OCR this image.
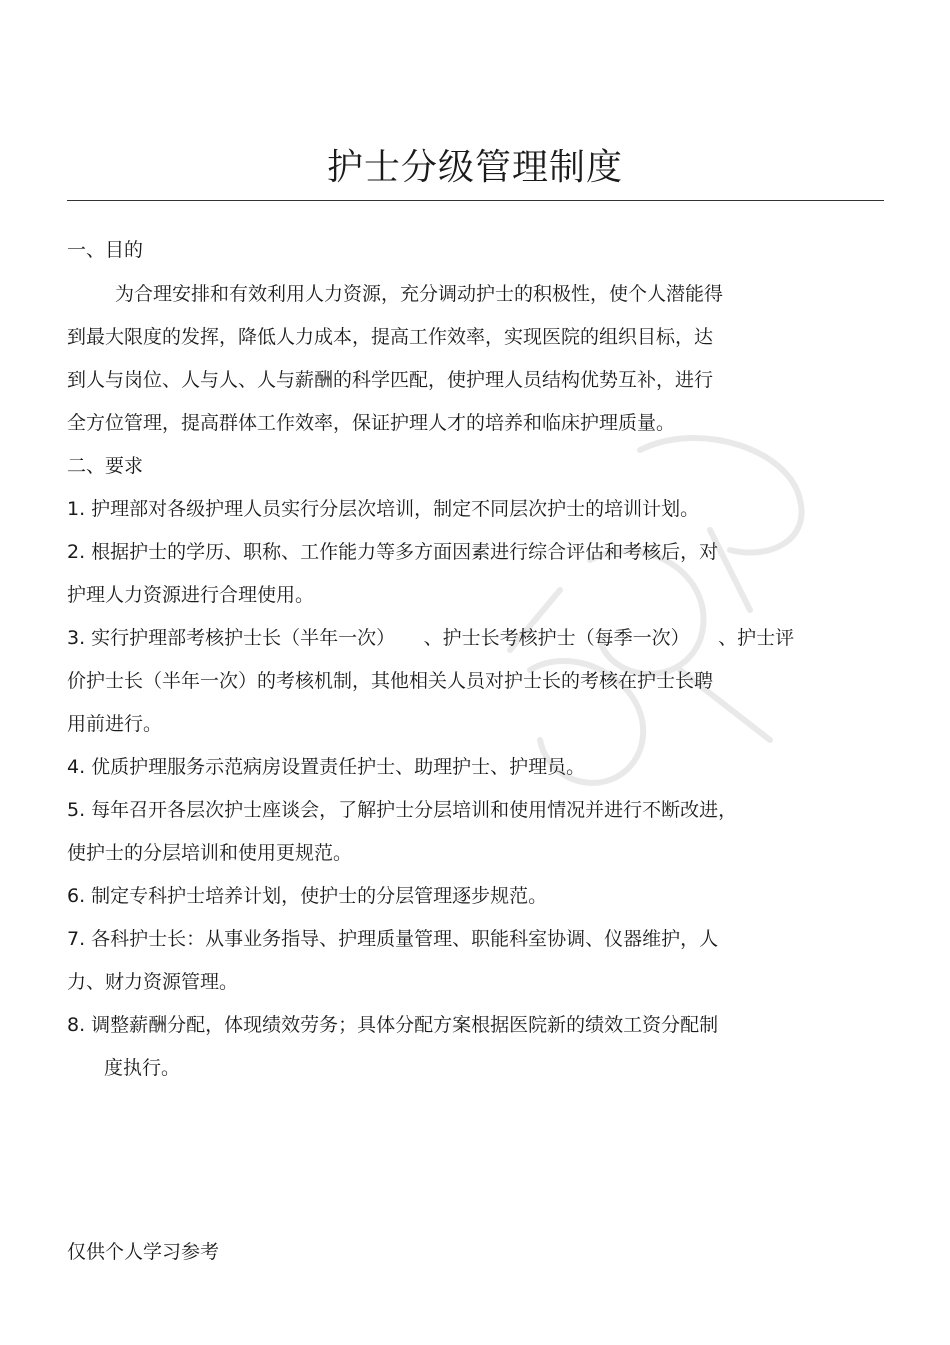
护士分级管理制度
一、目的
为合理安排和有效利用人力资源，充分调动护士的积极性，使个人潜能得
到最大限度的发挥，降低人力成本，提高工作效率，实现医院的组织目标，达
到人与岗位、人与人、人与薪酬的科学匹配，使护理人员结构优势互补，进行
全方位管理，提高群体工作效率，保证护理人才的培养和临床护理质量。
二、要求
1. 护理部对各级护理人员实行分层次培训，制定不同层次护士的培训计划。
2. 根据护士的学历、职称、工作能力等多方面因素进行综合评估和考核后，对
护理人力资源进行合理使用。
3. 实行护理部考核护士长（半年一次）　　、护士长考核护士（每季一次）　　、护士评
价护士长（半年一次）的考核机制，其他相关人员对护士长的考核在护士长聘
用前进行。
4. 优质护理服务示范病房设置责任护士、助理护士、护理员。
5. 每年召开各层次护士座谈会，了解护士分层培训和使用情况并进行不断改进，
使护士的分层培训和使用更规范。
6. 制定专科护士培养计划，使护士的分层管理逐步规范。
7. 各科护士长：从事业务指导、护理质量管理、职能科室协调、仪器维护，人
力、财力资源管理。
8. 调整薪酬分配，体现绩效劳务；具体分配方案根据医院新的绩效工资分配制
度执行。
仅供个人学习参考
